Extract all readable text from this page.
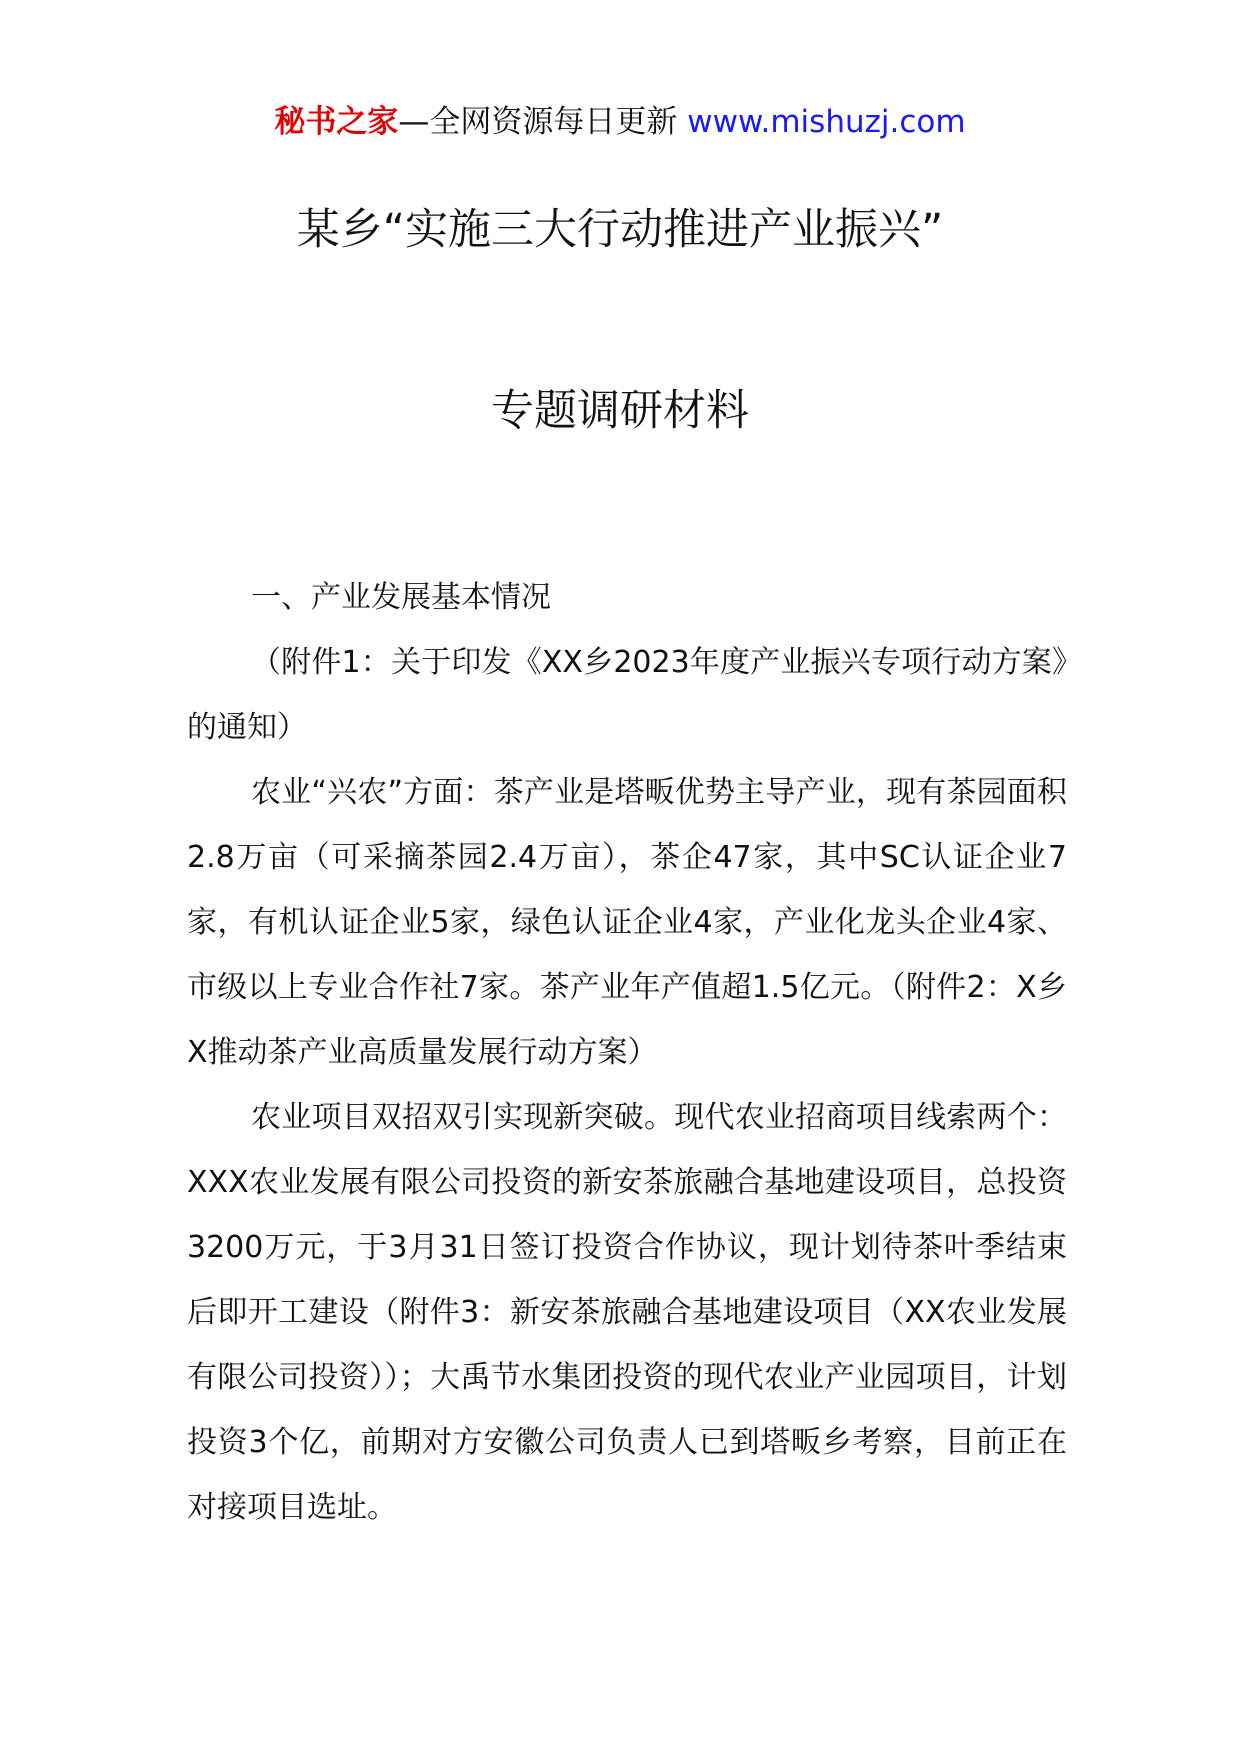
秘书之家—全网资源每日更新 www.mishuzj.com
某乡“实施三大行动推进产业振兴”
专题调研材料

一、产业发展基本情况

（附件1：关于印发《XX乡2023年度产业振兴专项行动方案》的通知）

农业“兴农”方面：茶产业是塔畈优势主导产业，现有茶园面积2.8万亩（可采摘茶园2.4万亩），茶企47家，其中SC认证企业7家，有机认证企业5家，绿色认证企业4家，产业化龙头企业4家、市级以上专业合作社7家。茶产业年产值超1.5亿元。（附件2：X乡X推动茶产业高质量发展行动方案）

农业项目双招双引实现新突破。现代农业招商项目线索两个：XXX农业发展有限公司投资的新安茶旅融合基地建设项目，总投资3200万元，于3月31日签订投资合作协议，现计划待茶叶季结束后即开工建设（附件3：新安茶旅融合基地建设项目（XX农业发展有限公司投资））；大禹节水集团投资的现代农业产业园项目，计划投资3个亿，前期对方安徽公司负责人已到塔畈乡考察，目前正在对接项目选址。
